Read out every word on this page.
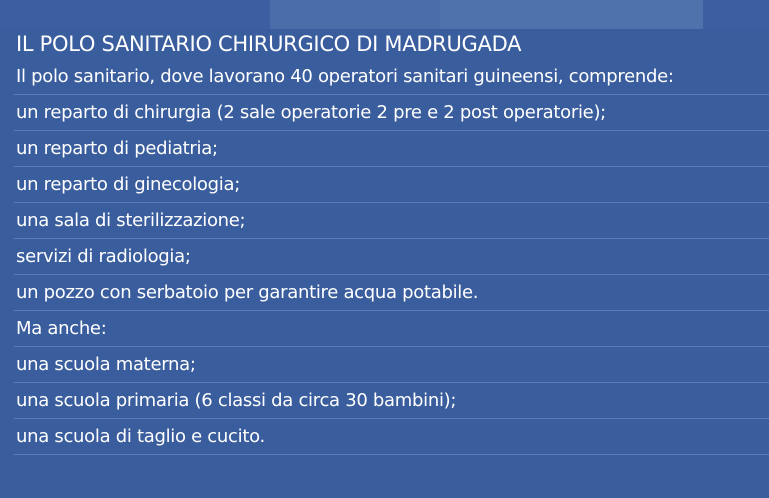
IL POLO SANITARIO CHIRURGICO DI MADRUGADA
Il polo sanitario, dove lavorano 40 operatori sanitari guineensi, comprende:
un reparto di chirurgia (2 sale operatorie 2 pre e 2 post operatorie);
un reparto di pediatria;
un reparto di ginecologia;
una sala di sterilizzazione;
servizi di radiologia;
un pozzo con serbatoio per garantire acqua potabile.
Ma anche:
una scuola materna;
una scuola primaria (6 classi da circa 30 bambini);
una scuola di taglio e cucito.
